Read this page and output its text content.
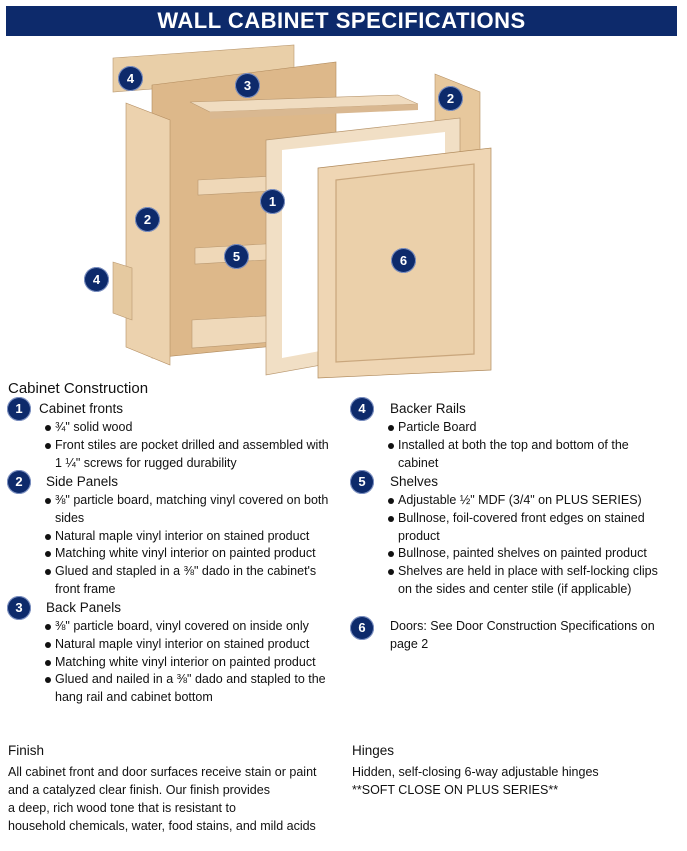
WALL CABINET SPECIFICATIONS
4	3
2
1
2
5
4
6
Cabinet Construction
1	Cabinet fronts
¾" solid wood
Front stiles are pocket drilled and assembled with 1 ¼" screws for rugged durability
2	Side Panels
⅜" particle board, matching vinyl covered on both sides
Natural maple vinyl interior on stained product
Matching white vinyl interior on painted product
Glued and stapled in a ⅜" dado in the cabinet's front frame
3	Back Panels
⅜" particle board, vinyl covered on inside only
Natural maple vinyl interior on stained product
Matching white vinyl interior on painted product
Glued and nailed in a ⅜" dado and stapled to the hang rail and cabinet bottom
4	Backer Rails
Particle Board
Installed at both the top and bottom of the cabinet
5	Shelves
Adjustable ½" MDF (3/4" on PLUS SERIES)
Bullnose, foil-covered front edges on stained product
Bullnose, painted shelves on painted product
Shelves are held in place with self-locking clips on the sides and center stile (if applicable)
6	Doors: See Door Construction Specifications on page 2
Finish
All cabinet front and door surfaces receive stain or paint
and a catalyzed clear finish. Our finish provides
a deep, rich wood tone that is resistant to
household chemicals, water, food stains, and mild acids
Hinges
Hidden, self-closing 6-way adjustable hinges
**SOFT CLOSE ON PLUS SERIES**
